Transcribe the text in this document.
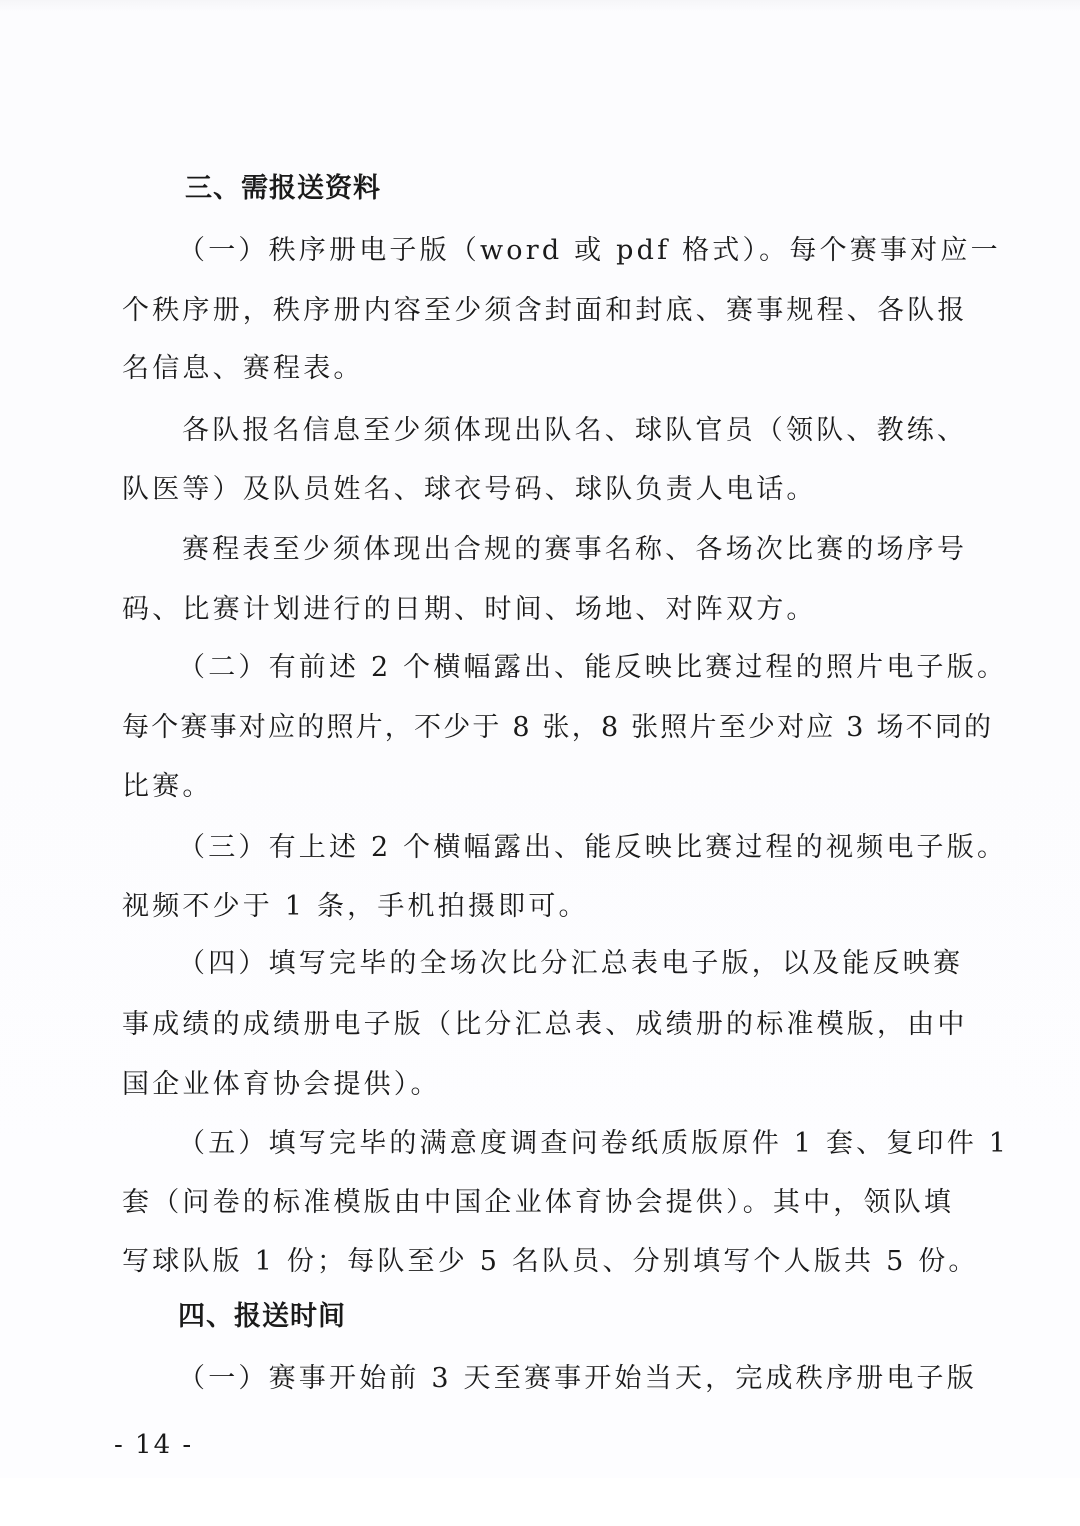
三、需报送资料
（一）秩序册电子版（word 或 pdf 格式）。每个赛事对应一
个秩序册，秩序册内容至少须含封面和封底、赛事规程、各队报
名信息、赛程表。
各队报名信息至少须体现出队名、球队官员（领队、教练、
队医等）及队员姓名、球衣号码、球队负责人电话。
赛程表至少须体现出合规的赛事名称、各场次比赛的场序号
码、比赛计划进行的日期、时间、场地、对阵双方。
（二）有前述 2 个横幅露出、能反映比赛过程的照片电子版。
每个赛事对应的照片，不少于 8 张，8 张照片至少对应 3 场不同的
比赛。
（三）有上述 2 个横幅露出、能反映比赛过程的视频电子版。
视频不少于 1 条，手机拍摄即可。
（四）填写完毕的全场次比分汇总表电子版，以及能反映赛
事成绩的成绩册电子版（比分汇总表、成绩册的标准模版，由中
国企业体育协会提供）。
（五）填写完毕的满意度调查问卷纸质版原件 1 套、复印件 1
套（问卷的标准模版由中国企业体育协会提供）。其中，领队填
写球队版 1 份；每队至少 5 名队员、分别填写个人版共 5 份。
四、报送时间
（一）赛事开始前 3 天至赛事开始当天，完成秩序册电子版
- 14 -
